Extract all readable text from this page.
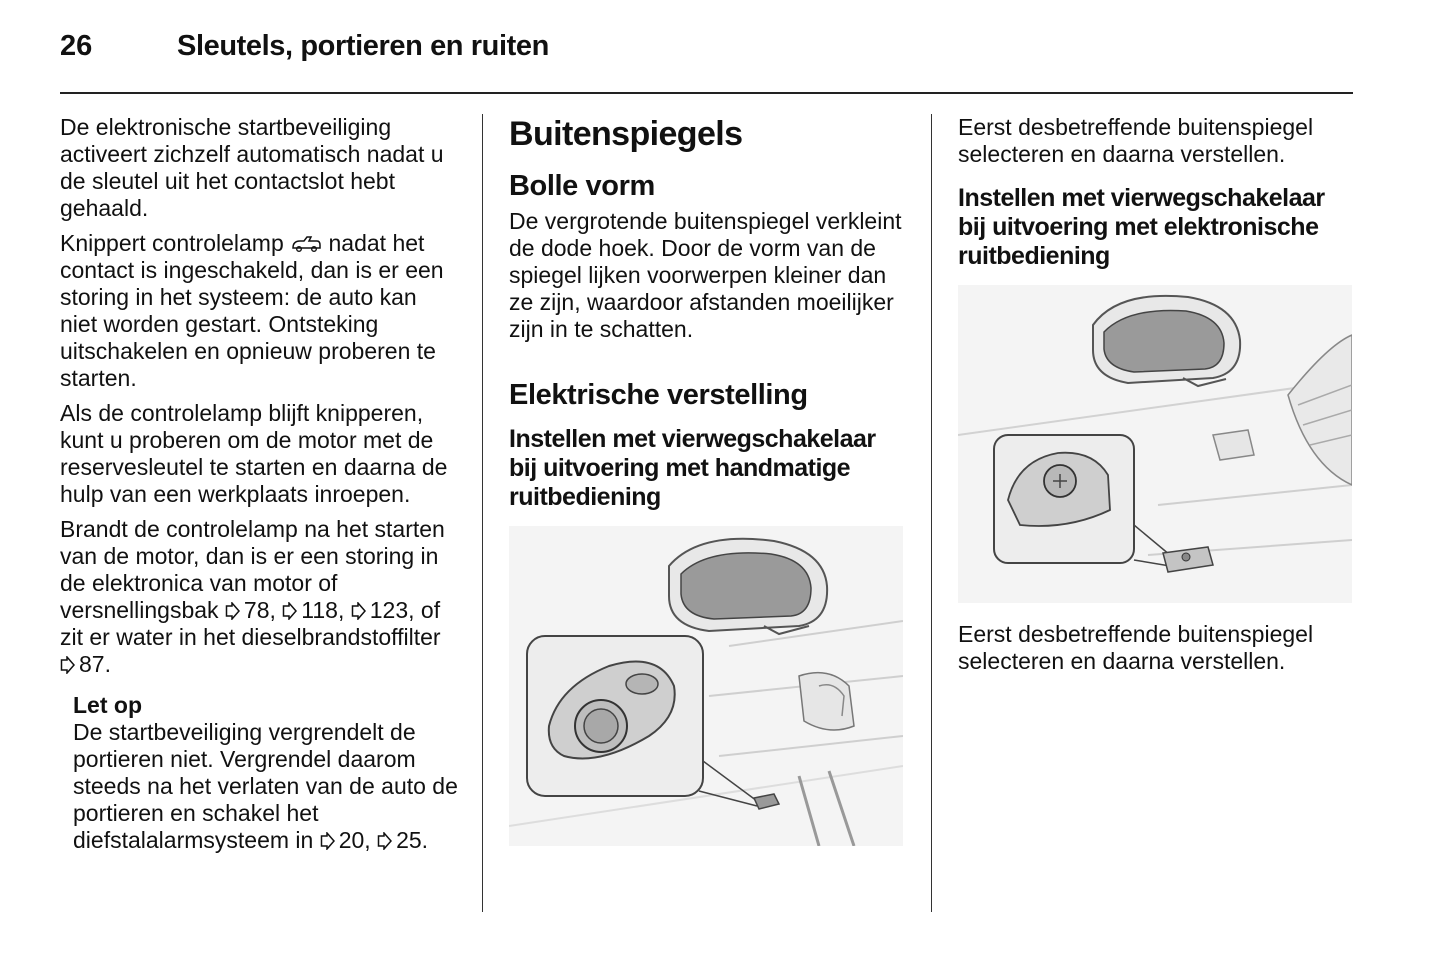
26	Sleutels, portieren en ruiten

De elektronische startbeveiliging activeert zichzelf automatisch nadat u de sleutel uit het contactslot hebt gehaald.

Knippert controlelamp nadat het contact is ingeschakeld, dan is er een storing in het systeem: de auto kan niet worden gestart. Ontsteking uitschakelen en opnieuw proberen te starten.

Als de controlelamp blijft knipperen, kunt u proberen om de motor met de reservesleutel te starten en daarna de hulp van een werkplaats inroepen.

Brandt de controlelamp na het starten van de motor, dan is er een storing in de elektronica van motor of versnellingsbak 78, 118, 123, of zit er water in het dieselbrandstoffilter 87.

Let op

De startbeveiliging vergrendelt de portieren niet. Vergrendel daarom steeds na het verlaten van de auto de portieren en schakel het diefstalalarmsysteem in 20, 25.

Buitenspiegels
Bolle vorm

De vergrotende buitenspiegel verkleint de dode hoek. Door de vorm van de spiegel lijken voorwerpen kleiner dan ze zijn, waardoor afstanden moeilijker zijn in te schatten.

Elektrische verstelling
Instellen met vierwegschakelaar bij uitvoering met handmatige ruitbediening

Eerst desbetreffende buitenspiegel selecteren en daarna verstellen.

Instellen met vierwegschakelaar bij uitvoering met elektronische ruitbediening

Eerst desbetreffende buitenspiegel selecteren en daarna verstellen.
